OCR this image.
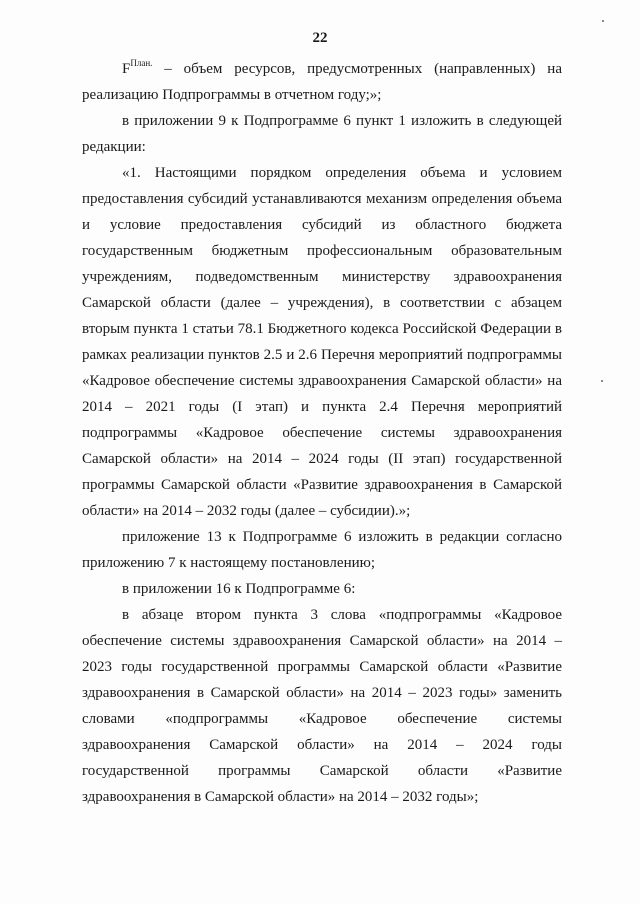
22

$F^{План.}$ – объем ресурсов, предусмотренных (направленных) на реализацию Подпрограммы в отчетном году;»;

в приложении 9 к Подпрограмме 6 пункт 1 изложить в следующей редакции:

«1. Настоящими порядком определения объема и условием предоставления субсидий устанавливаются механизм определения объема и условие предоставления субсидий из областного бюджета государственным бюджетным профессиональным образовательным учреждениям, подведомственным министерству здравоохранения Самарской области (далее – учреждения), в соответствии с абзацем вторым пункта 1 статьи 78.1 Бюджетного кодекса Российской Федерации в рамках реализации пунктов 2.5 и 2.6 Перечня мероприятий подпрограммы «Кадровое обеспечение системы здравоохранения Самарской области» на 2014 – 2021 годы (I этап) и пункта 2.4 Перечня мероприятий подпрограммы «Кадровое обеспечение системы здравоохранения Самарской области» на 2014 – 2024 годы (II этап) государственной программы Самарской области «Развитие здравоохранения в Самарской области» на 2014 – 2032 годы (далее – субсидии).»;

приложение 13 к Подпрограмме 6 изложить в редакции согласно приложению 7 к настоящему постановлению;

в приложении 16 к Подпрограмме 6:

в абзаце втором пункта 3 слова «подпрограммы «Кадровое обеспечение системы здравоохранения Самарской области» на 2014 – 2023 годы государственной программы Самарской области «Развитие здравоохранения в Самарской области» на 2014 – 2023 годы» заменить словами «подпрограммы «Кадровое обеспечение системы здравоохранения Самарской области» на 2014 – 2024 годы государственной программы Самарской области «Развитие здравоохранения в Самарской области» на 2014 – 2032 годы»;
